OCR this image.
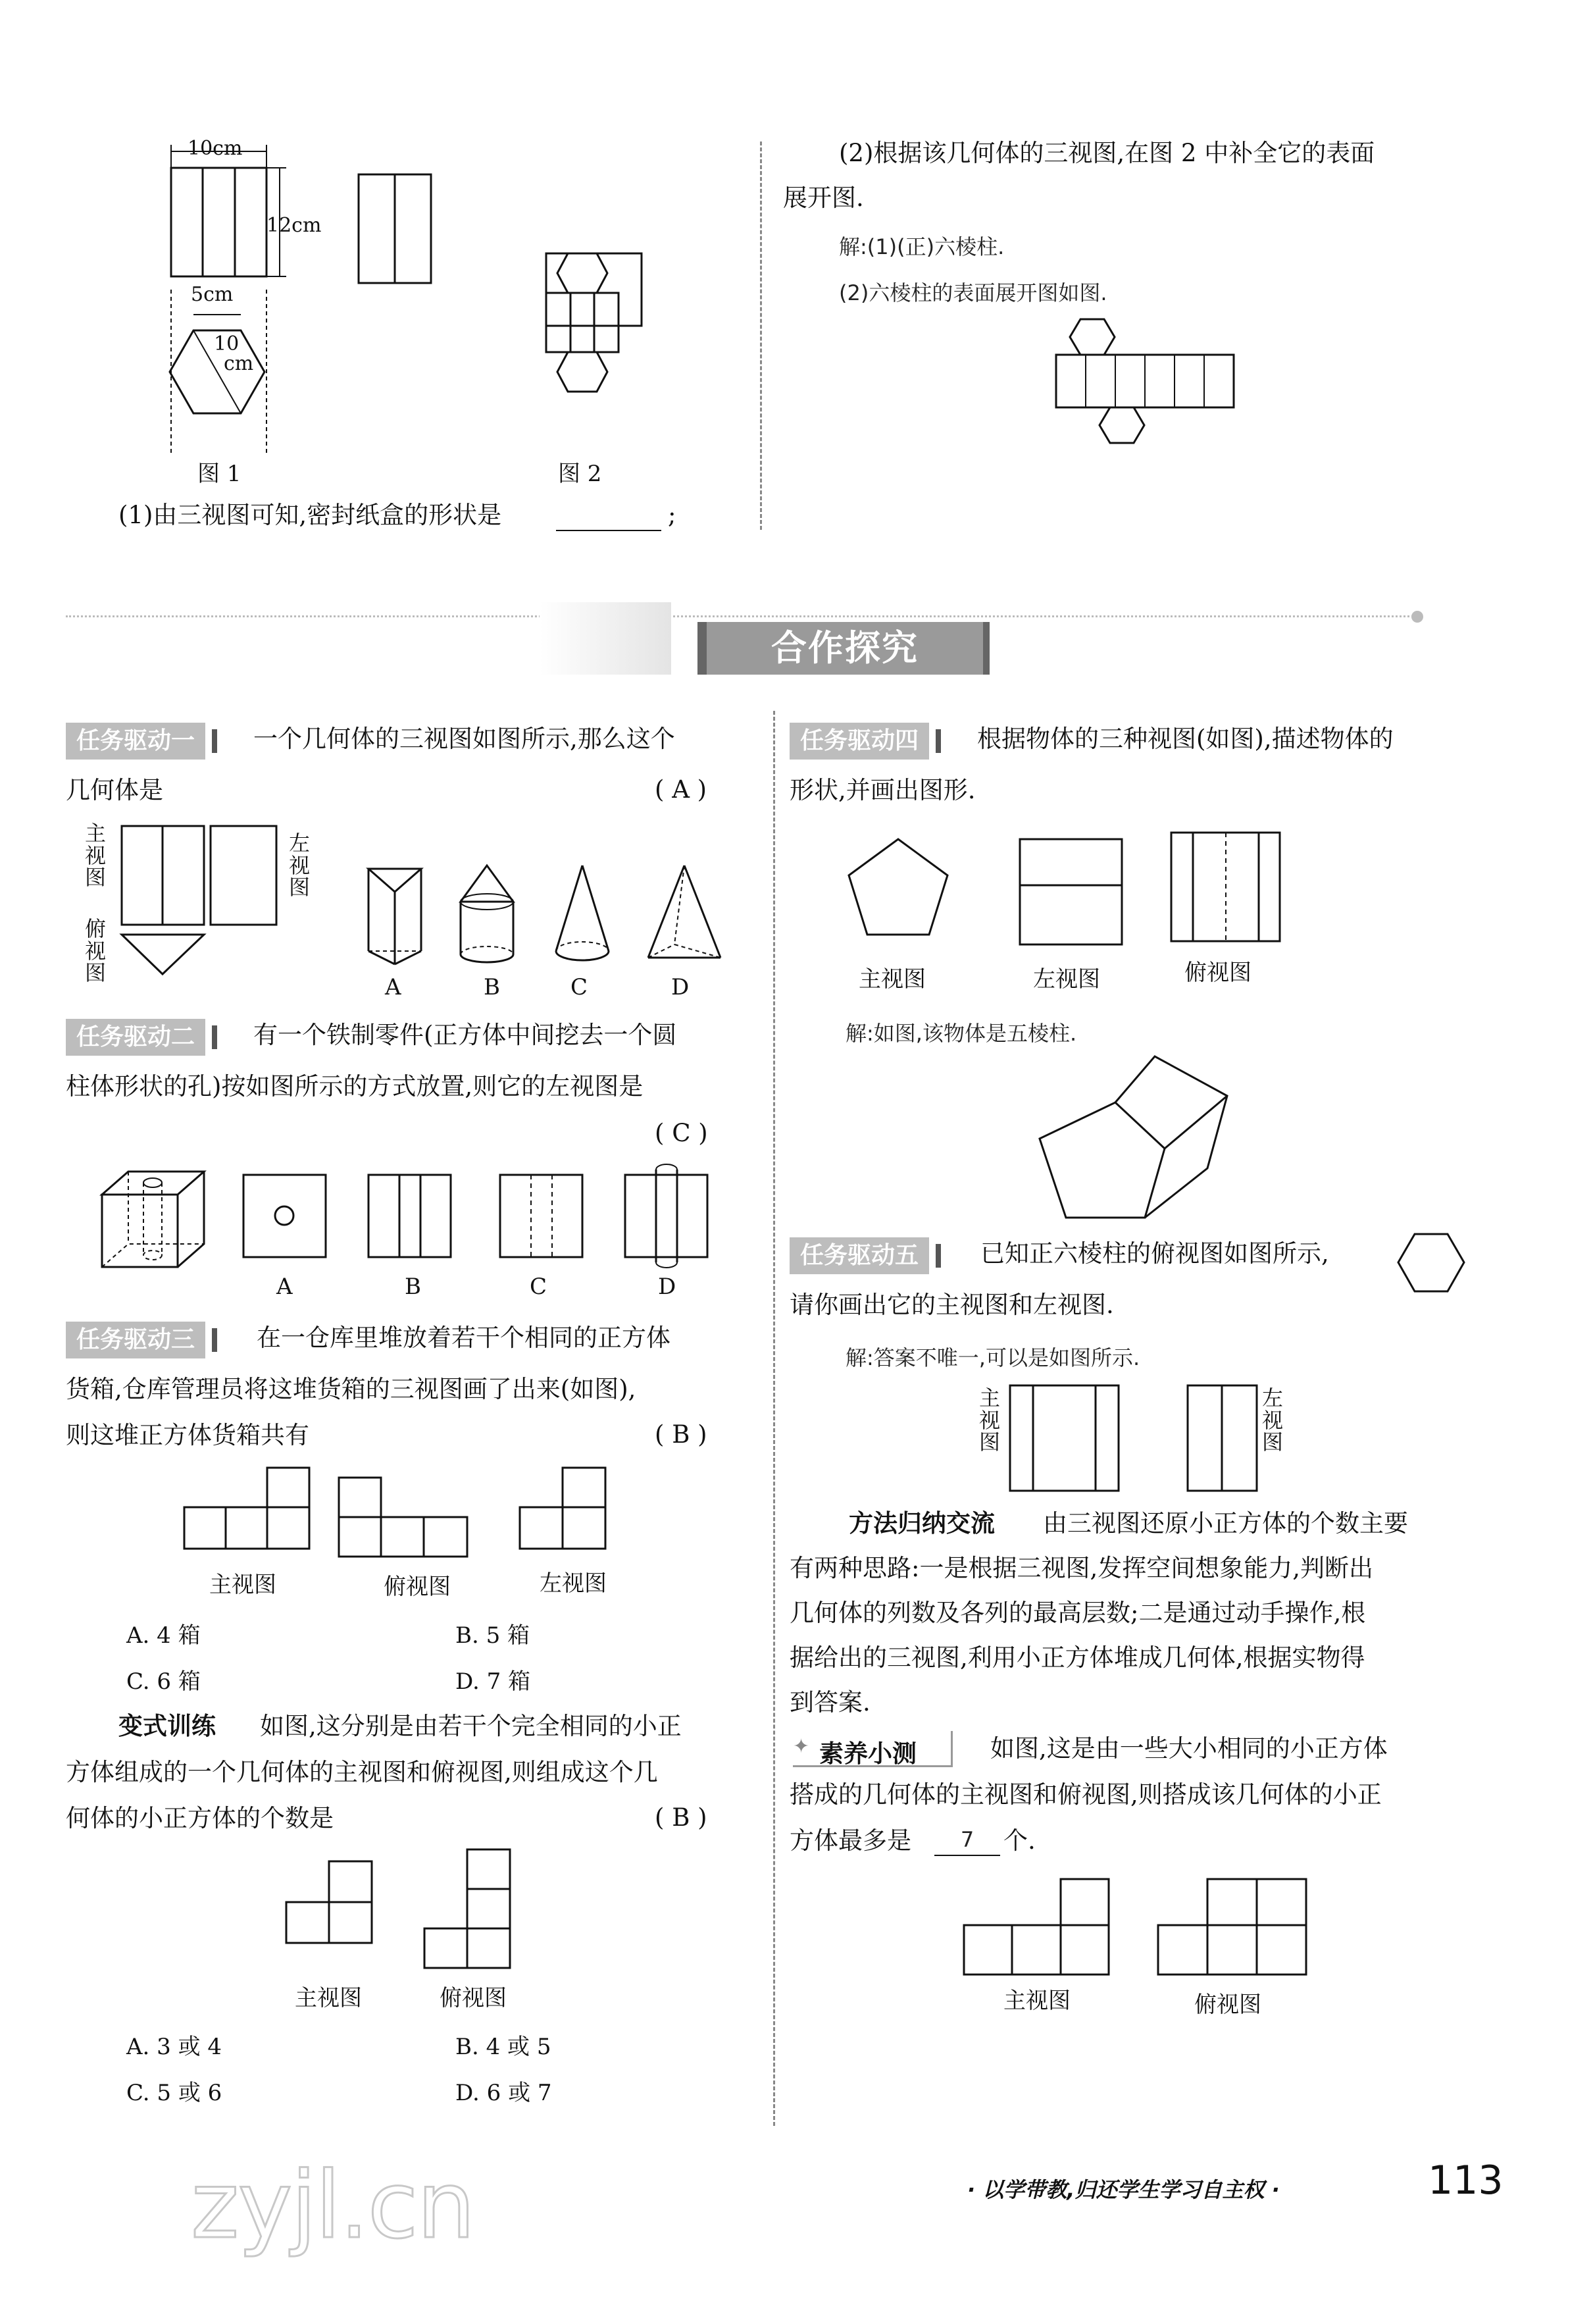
10cm
12cm
5cm
10
cm
图 1	图 2
(1)由三视图可知,密封纸盒的形状是	;
(2)根据该几何体的三视图,在图 2 中补全它的表面
展开图.
解:(1)(正)六棱柱.
(2)六棱柱的表面展开图如图.
合作探究
任务驱动一	一个几何体的三视图如图所示,那么这个
几何体是	( A )
主视图
左视图
俯视图
A	B	C	D
任务驱动二	有一个铁制零件(正方体中间挖去一个圆
柱体形状的孔)按如图所示的方式放置,则它的左视图是
( C )
A	B	C	D
任务驱动三	在一仓库里堆放着若干个相同的正方体
货箱,仓库管理员将这堆货箱的三视图画了出来(如图),
则这堆正方体货箱共有	( B )
主视图	俯视图	左视图
A. 4 箱	B. 5 箱
C. 6 箱	D. 7 箱
变式训练 如图,这分别是由若干个完全相同的小正
方体组成的一个几何体的主视图和俯视图,则组成这个几
何体的小正方体的个数是	( B )
主视图	俯视图
A. 3 或 4	B. 4 或 5
C. 5 或 6	D. 6 或 7
任务驱动四	根据物体的三种视图(如图),描述物体的
形状,并画出图形.
主视图	左视图	俯视图
解:如图,该物体是五棱柱.
任务驱动五	已知正六棱柱的俯视图如图所示,
请你画出它的主视图和左视图.
解:答案不唯一,可以是如图所示.
主视图
左视图
方法归纳交流 由三视图还原小正方体的个数主要
有两种思路:一是根据三视图,发挥空间想象能力,判断出
几何体的列数及各列的最高层数;二是通过动手操作,根
据给出的三视图,利用小正方体堆成几何体,根据实物得
到答案.
✦ 素养小测	如图,这是由一些大小相同的小正方体
搭成的几何体的主视图和俯视图,则搭成该几何体的小正
方体最多是	7	个.
主视图	俯视图
zyjl.cn	· 以学带教,归还学生学习自主权 ·	113
